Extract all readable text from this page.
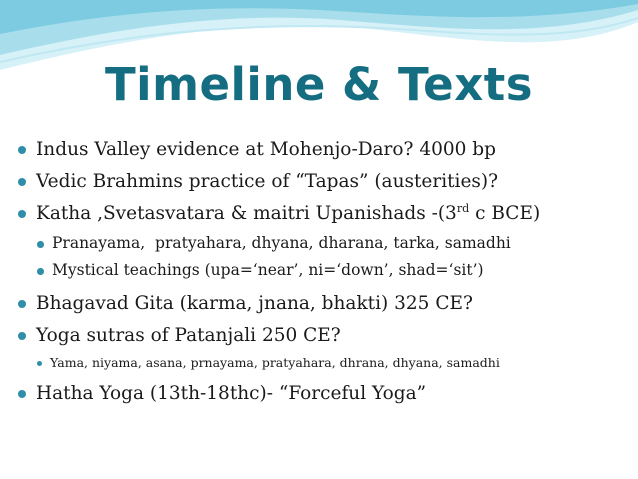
Timeline & Texts
Indus Valley evidence at Mohenjo-Daro? 4000 bp
Vedic Brahmins practice of “Tapas” (austerities)?
Katha ,Svetasvatara & maitri Upanishads -(3rd c BCE)
Pranayama,  pratyahara, dhyana, dharana, tarka, samadhi
Mystical teachings (upa=‘near’, ni=‘down’, shad=‘sit’)
Bhagavad Gita (karma, jnana, bhakti) 325 CE?
Yoga sutras of Patanjali 250 CE?
Yama, niyama, asana, prnayama, pratyahara, dhrana, dhyana, samadhi
Hatha Yoga (13th-18thc)- “Forceful Yoga”
